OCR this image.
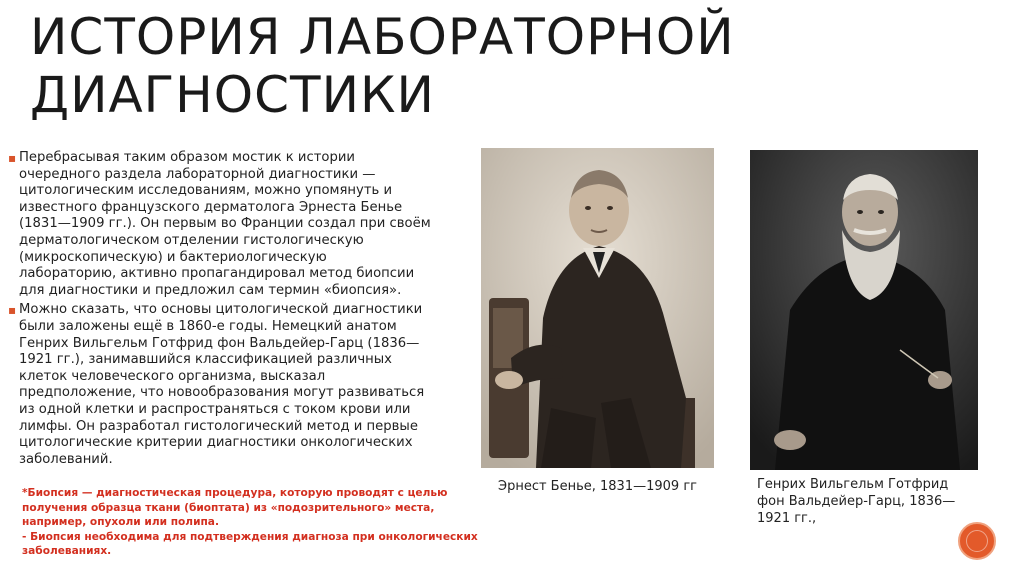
ИСТОРИЯ ЛАБОРАТОРНОЙ
ДИАГНОСТИКИ
▪ Перебрасывая таким образом мостик к истории
очередного раздела лабораторной диагностики —
цитологическим исследованиям, можно упомянуть и
известного французского дерматолога Эрнеста Бенье
(1831—1909 гг.). Он первым во Франции создал при своём
дерматологическом отделении гистологическую
(микроскопическую) и бактериологическую
лабораторию, активно пропагандировал метод биопсии
для диагностики и предложил сам термин «биопсия».
▪ Можно сказать, что основы цитологической диагностики
были заложены ещё в 1860-е годы. Немецкий анатом
Генрих Вильгельм Готфрид фон Вальдейер-Гарц (1836—
1921 гг.), занимавшийся классификацией различных
клеток человеческого организма, высказал
предположение, что новообразования могут развиваться
из одной клетки и распространяться с током крови или
лимфы. Он разработал гистологический метод и первые
цитологические критерии диагностики онкологических
заболеваний.

*Биопсия — диагностическая процедура, которую проводят с целью

получения образца ткани (биоптата) из «подозрительного» места,

например, опухоли или полипа.

- Биопсия необходима для подтверждения диагноза при онкологических

заболеваниях.

Эрнест Бенье, 1831—1909 гг	Генрих Вильгельм Готфрид
фон Вальдейер-Гарц, 1836—
1921 гг.,
